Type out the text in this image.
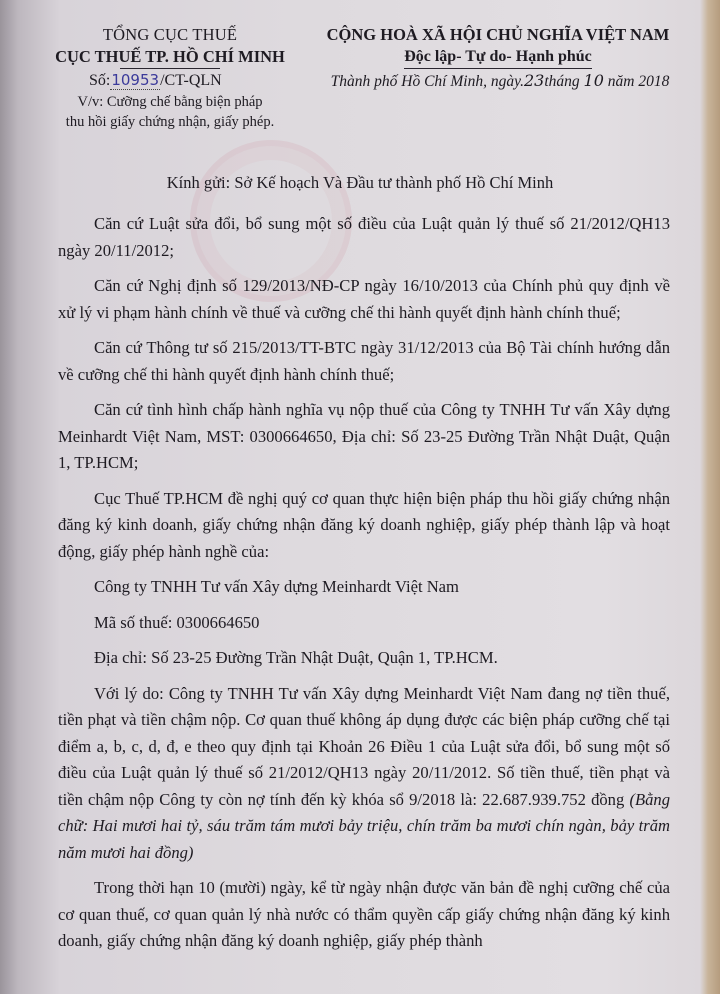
TỔNG CỤC THUẾ
CỤC THUẾ TP. HỒ CHÍ MINH
Số:10953/CT-QLN
V/v: Cưỡng chế bằng biện pháp
thu hồi giấy chứng nhận, giấy phép.
CỘNG HOÀ XÃ HỘI CHỦ NGHĨA VIỆT NAM
Độc lập- Tự do- Hạnh phúc
Thành phố Hồ Chí Minh, ngày.23tháng 10 năm 2018
Kính gửi: Sở Kế hoạch Và Đầu tư thành phố Hồ Chí Minh

Căn cứ Luật sửa đổi, bổ sung một số điều của Luật quản lý thuế số 21/2012/QH13 ngày 20/11/2012;

Căn cứ Nghị định số 129/2013/NĐ-CP ngày 16/10/2013 của Chính phủ quy định về xử lý vi phạm hành chính về thuế và cưỡng chế thi hành quyết định hành chính thuế;

Căn cứ Thông tư số 215/2013/TT-BTC ngày 31/12/2013 của Bộ Tài chính hướng dẫn về cưỡng chế thi hành quyết định hành chính thuế;

Căn cứ tình hình chấp hành nghĩa vụ nộp thuế của Công ty TNHH Tư vấn Xây dựng Meinhardt Việt Nam, MST: 0300664650, Địa chỉ: Số 23-25 Đường Trần Nhật Duật, Quận 1, TP.HCM;

Cục Thuế TP.HCM đề nghị quý cơ quan thực hiện biện pháp thu hồi giấy chứng nhận đăng ký kinh doanh, giấy chứng nhận đăng ký doanh nghiệp, giấy phép thành lập và hoạt động, giấy phép hành nghề của:

Công ty TNHH Tư vấn Xây dựng Meinhardt Việt Nam

Mã số thuế: 0300664650

Địa chỉ: Số 23-25 Đường Trần Nhật Duật, Quận 1, TP.HCM.

Với lý do: Công ty TNHH Tư vấn Xây dựng Meinhardt Việt Nam đang nợ tiền thuế, tiền phạt và tiền chậm nộp. Cơ quan thuế không áp dụng được các biện pháp cưỡng chế tại điểm a, b, c, d, đ, e theo quy định tại Khoản 26 Điều 1 của Luật sửa đổi, bổ sung một số điều của Luật quản lý thuế số 21/2012/QH13 ngày 20/11/2012. Số tiền thuế, tiền phạt và tiền chậm nộp Công ty còn nợ tính đến kỳ khóa sổ 9/2018 là: 22.687.939.752 đồng (Bằng chữ: Hai mươi hai tỷ, sáu trăm tám mươi bảy triệu, chín trăm ba mươi chín ngàn, bảy trăm năm mươi hai đồng)

Trong thời hạn 10 (mười) ngày, kể từ ngày nhận được văn bản đề nghị cưỡng chế của cơ quan thuế, cơ quan quản lý nhà nước có thẩm quyền cấp giấy chứng nhận đăng ký kinh doanh, giấy chứng nhận đăng ký doanh nghiệp, giấy phép thành
